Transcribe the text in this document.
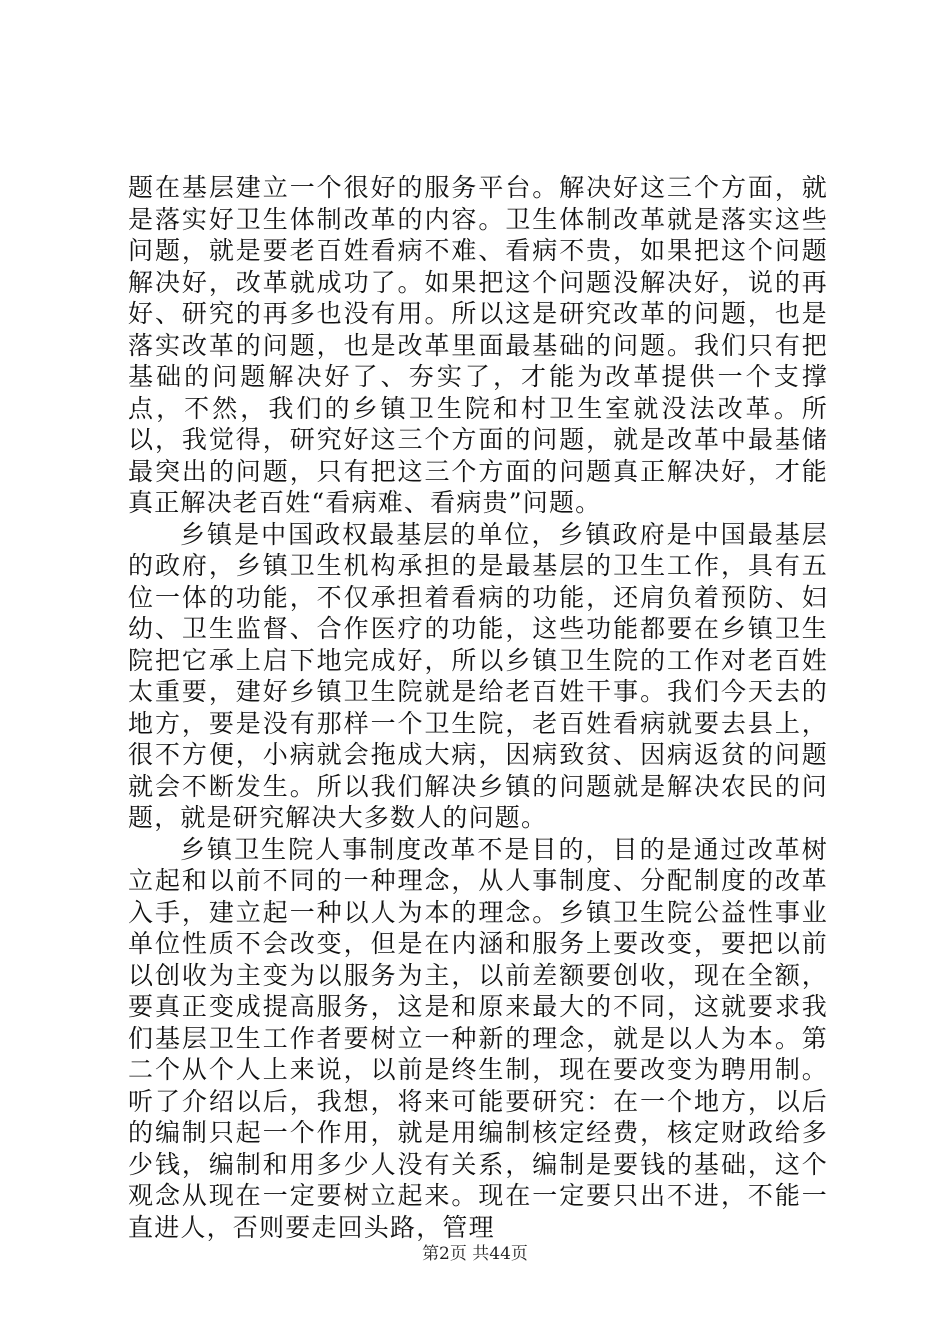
题在基层建立一个很好的服务平台。解决好这三个方面，就是落实好卫生体制改革的内容。卫生体制改革就是落实这些问题，就是要老百姓看病不难、看病不贵，如果把这个问题解决好，改革就成功了。如果把这个问题没解决好，说的再好、研究的再多也没有用。所以这是研究改革的问题，也是落实改革的问题，也是改革里面最基础的问题。我们只有把基础的问题解决好了、夯实了，才能为改革提供一个支撑点，不然，我们的乡镇卫生院和村卫生室就没法改革。所以，我觉得，研究好这三个方面的问题，就是改革中最基储最突出的问题，只有把这三个方面的问题真正解决好，才能真正解决老百姓“看病难、看病贵”问题。

乡镇是中国政权最基层的单位，乡镇政府是中国最基层的政府，乡镇卫生机构承担的是最基层的卫生工作，具有五位一体的功能，不仅承担着看病的功能，还肩负着预防、妇幼、卫生监督、合作医疗的功能，这些功能都要在乡镇卫生院把它承上启下地完成好，所以乡镇卫生院的工作对老百姓太重要，建好乡镇卫生院就是给老百姓干事。我们今天去的地方，要是没有那样一个卫生院，老百姓看病就要去县上，很不方便，小病就会拖成大病，因病致贫、因病返贫的问题就会不断发生。所以我们解决乡镇的问题就是解决农民的问题，就是研究解决大多数人的问题。

乡镇卫生院人事制度改革不是目的，目的是通过改革树立起和以前不同的一种理念，从人事制度、分配制度的改革入手，建立起一种以人为本的理念。乡镇卫生院公益性事业单位性质不会改变，但是在内涵和服务上要改变，要把以前以创收为主变为以服务为主，以前差额要创收，现在全额，要真正变成提高服务，这是和原来最大的不同，这就要求我们基层卫生工作者要树立一种新的理念，就是以人为本。第二个从个人上来说，以前是终生制，现在要改变为聘用制。听了介绍以后，我想，将来可能要研究：在一个地方，以后的编制只起一个作用，就是用编制核定经费，核定财政给多少钱，编制和用多少人没有关系，编制是要钱的基础，这个观念从现在一定要树立起来。现在一定要只出不进，不能一直进人，否则要走回头路，管理

第2页 共44页
